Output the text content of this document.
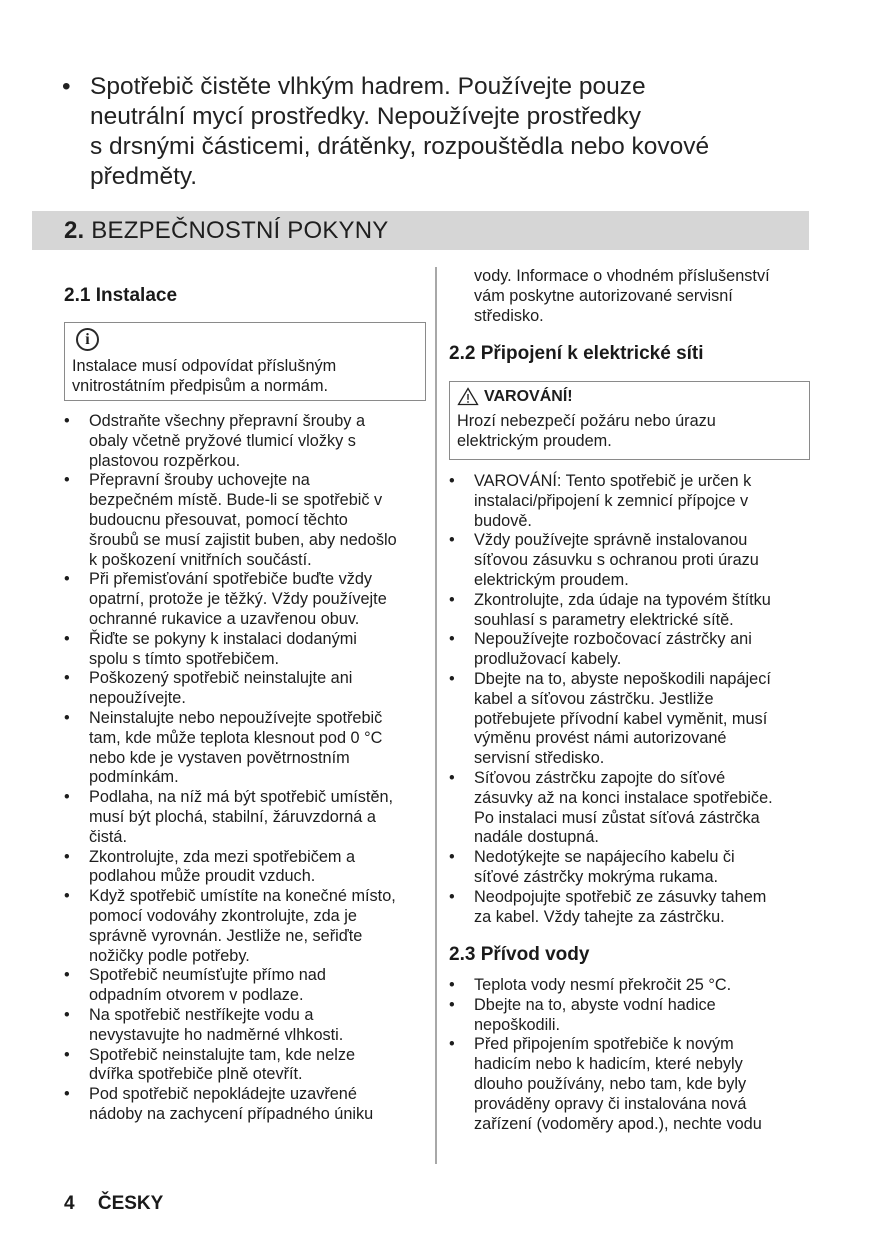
• Spotřebič čistěte vlhkým hadrem. Používejte pouze
neutrální mycí prostředky. Nepoužívejte prostředky
s drsnými částicemi, drátěnky, rozpouštědla nebo kovové
předměty.
2. BEZPEČNOSTNÍ POKYNY
2.1 Instalace
i
Instalace musí odpovídat příslušným
vnitrostátním předpisům a normám.
• Odstraňte všechny přepravní šrouby a
obaly včetně pryžové tlumicí vložky s
plastovou rozpěrkou.
• Přepravní šrouby uchovejte na
bezpečném místě. Bude-li se spotřebič v
budoucnu přesouvat, pomocí těchto
šroubů se musí zajistit buben, aby nedošlo
k poškození vnitřních součástí.
• Při přemisťování spotřebiče buďte vždy
opatrní, protože je těžký. Vždy používejte
ochranné rukavice a uzavřenou obuv.
• Řiďte se pokyny k instalaci dodanými
spolu s tímto spotřebičem.
• Poškozený spotřebič neinstalujte ani
nepoužívejte.
• Neinstalujte nebo nepoužívejte spotřebič
tam, kde může teplota klesnout pod 0 °C
nebo kde je vystaven povětrnostním
podmínkám.
• Podlaha, na níž má být spotřebič umístěn,
musí být plochá, stabilní, žáruvzdorná a
čistá.
• Zkontrolujte, zda mezi spotřebičem a
podlahou může proudit vzduch.
• Když spotřebič umístíte na konečné místo,
pomocí vodováhy zkontrolujte, zda je
správně vyrovnán. Jestliže ne, seřiďte
nožičky podle potřeby.
• Spotřebič neumísťujte přímo nad
odpadním otvorem v podlaze.
• Na spotřebič nestříkejte vodu a
nevystavujte ho nadměrné vlhkosti.
• Spotřebič neinstalujte tam, kde nelze
dvířka spotřebiče plně otevřít.
• Pod spotřebič nepokládejte uzavřené
nádoby na zachycení případného úniku
vody. Informace o vhodném příslušenství
vám poskytne autorizované servisní
středisko.
2.2 Připojení k elektrické síti
VAROVÁNÍ!
Hrozí nebezpečí požáru nebo úrazu
elektrickým proudem.
• VAROVÁNÍ: Tento spotřebič je určen k
instalaci/připojení k zemnicí přípojce v
budově.
• Vždy používejte správně instalovanou
síťovou zásuvku s ochranou proti úrazu
elektrickým proudem.
• Zkontrolujte, zda údaje na typovém štítku
souhlasí s parametry elektrické sítě.
• Nepoužívejte rozbočovací zástrčky ani
prodlužovací kabely.
• Dbejte na to, abyste nepoškodili napájecí
kabel a síťovou zástrčku. Jestliže
potřebujete přívodní kabel vyměnit, musí
výměnu provést námi autorizované
servisní středisko.
• Síťovou zástrčku zapojte do síťové
zásuvky až na konci instalace spotřebiče.
Po instalaci musí zůstat síťová zástrčka
nadále dostupná.
• Nedotýkejte se napájecího kabelu či
síťové zástrčky mokrýma rukama.
• Neodpojujte spotřebič ze zásuvky tahem
za kabel. Vždy tahejte za zástrčku.
2.3 Přívod vody
• Teplota vody nesmí překročit 25 °C.
• Dbejte na to, abyste vodní hadice
nepoškodili.
• Před připojením spotřebiče k novým
hadicím nebo k hadicím, které nebyly
dlouho používány, nebo tam, kde byly
prováděny opravy či instalována nová
zařízení (vodoměry apod.), nechte vodu
4 ČESKY
